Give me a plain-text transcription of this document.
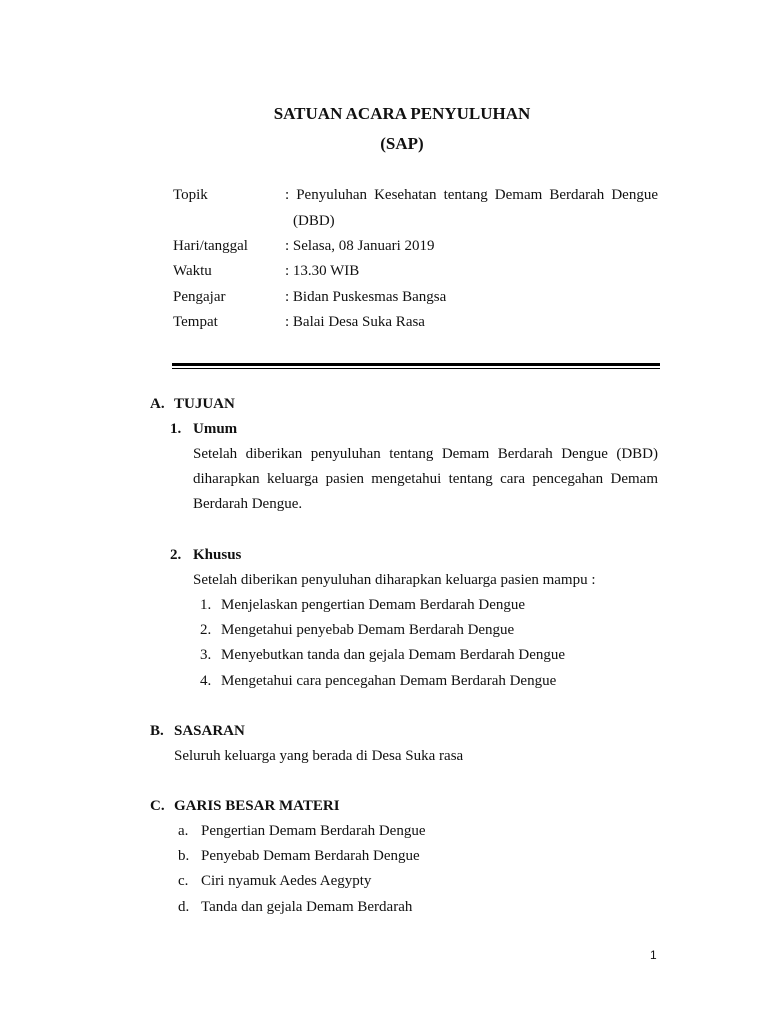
SATUAN ACARA PENYULUHAN
(SAP)
Topik	: Penyuluhan Kesehatan tentang Demam Berdarah Dengue
(DBD)
Hari/tanggal : Selasa, 08 Januari 2019
Waktu	: 13.30 WIB
Pengajar	: Bidan Puskesmas Bangsa
Tempat	: Balai Desa Suka Rasa
A. TUJUAN
1. Umum
Setelah diberikan penyuluhan tentang Demam Berdarah Dengue (DBD)
diharapkan keluarga pasien mengetahui tentang cara pencegahan Demam
Berdarah Dengue.
2. Khusus
Setelah diberikan penyuluhan diharapkan keluarga pasien mampu :
1. Menjelaskan pengertian Demam Berdarah Dengue
2. Mengetahui penyebab Demam Berdarah Dengue
3. Menyebutkan tanda dan gejala Demam Berdarah Dengue
4. Mengetahui cara pencegahan Demam Berdarah Dengue
B. SASARAN
Seluruh keluarga yang berada di Desa Suka rasa
C. GARIS BESAR MATERI
a. Pengertian Demam Berdarah Dengue
b. Penyebab Demam Berdarah Dengue
c. Ciri nyamuk Aedes Aegypty
d. Tanda dan gejala Demam Berdarah
1
